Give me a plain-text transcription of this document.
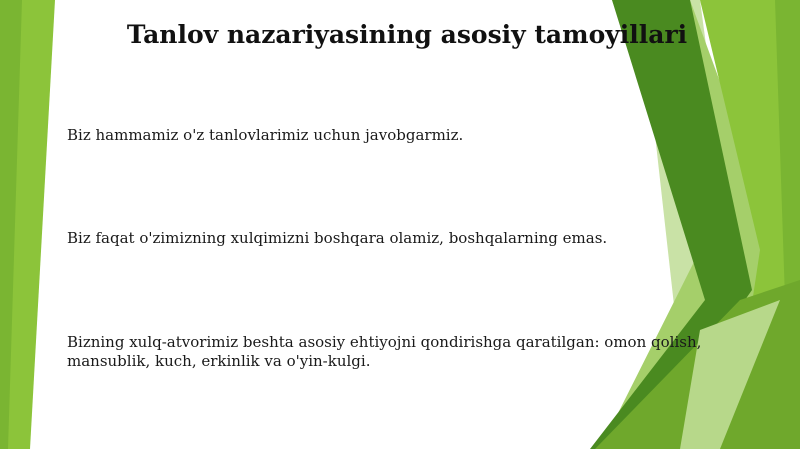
Tanlov nazariyasining asosiy tamoyillari

Biz hammamiz o'z tanlovlarimiz uchun javobgarmiz.

Biz faqat o'zimizning xulqimizni boshqara olamiz, boshqalarning emas.

Bizning xulq-atvorimiz beshta asosiy ehtiyojni qondirishga qaratilgan: omon qolish, mansublik, kuch, erkinlik va o'yin-kulgi.
